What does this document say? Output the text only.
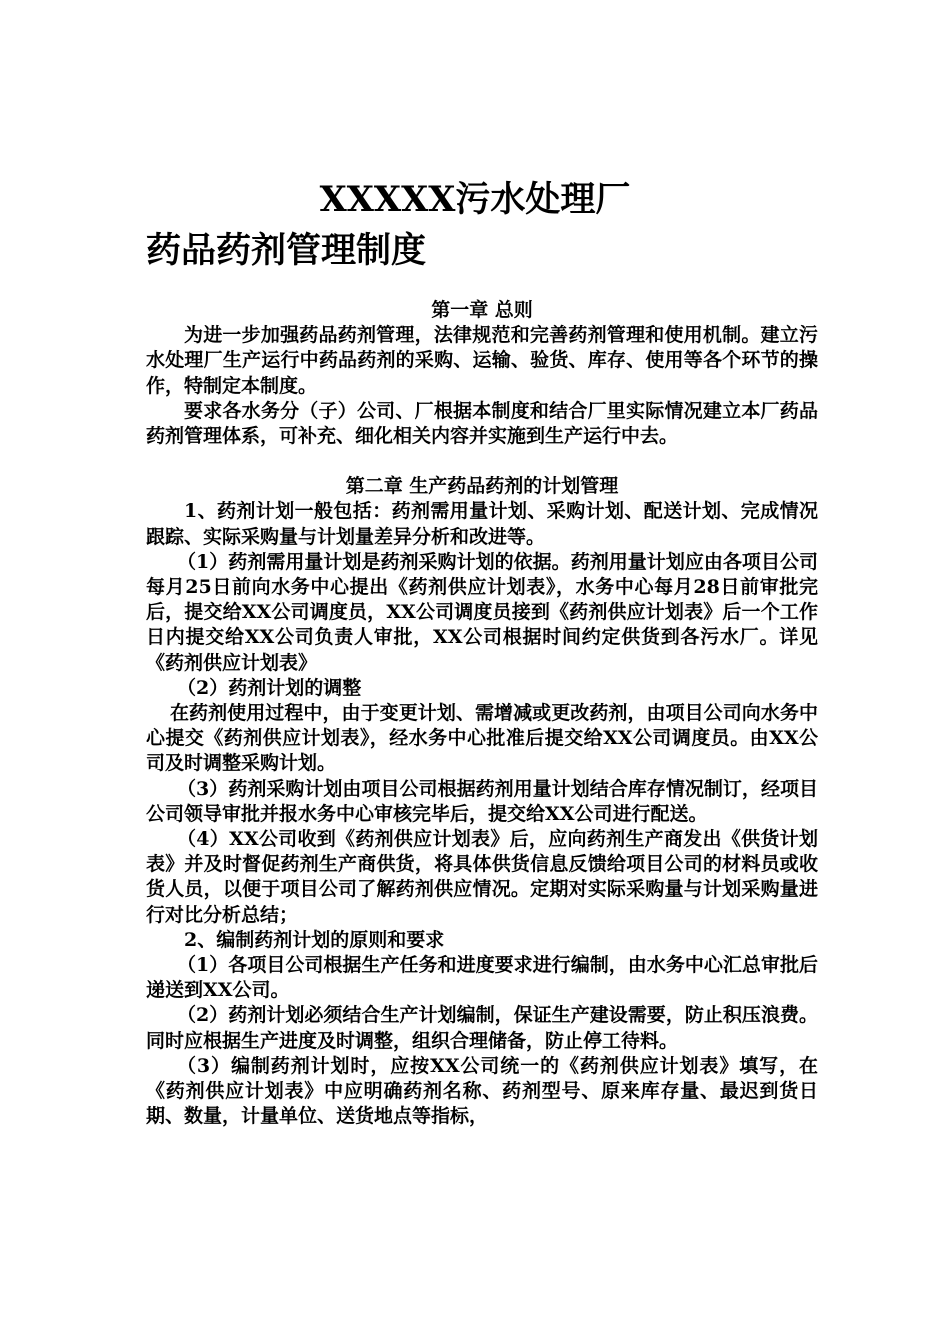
XXXXX污水处理厂
药品药剂管理制度

第一章 总则

为进一步加强药品药剂管理，法律规范和完善药剂管理和使用机制。建立污水处理厂生产运行中药品药剂的采购、运输、验货、库存、使用等各个环节的操作，特制定本制度。

要求各水务分（子）公司、厂根据本制度和结合厂里实际情况建立本厂药品药剂管理体系，可补充、细化相关内容并实施到生产运行中去。

第二章 生产药品药剂的计划管理

1、药剂计划一般包括：药剂需用量计划、采购计划、配送计划、完成情况跟踪、实际采购量与计划量差异分析和改进等。

（1）药剂需用量计划是药剂采购计划的依据。药剂用量计划应由各项目公司每月25日前向水务中心提出《药剂供应计划表》，水务中心每月28日前审批完后，提交给XX公司调度员，XX公司调度员接到《药剂供应计划表》后一个工作日内提交给XX公司负责人审批，XX公司根据时间约定供货到各污水厂。详见《药剂供应计划表》

（2）药剂计划的调整

在药剂使用过程中，由于变更计划、需增减或更改药剂，由项目公司向水务中心提交《药剂供应计划表》，经水务中心批准后提交给XX公司调度员。由XX公司及时调整采购计划。

（3）药剂采购计划由项目公司根据药剂用量计划结合库存情况制订，经项目公司领导审批并报水务中心审核完毕后，提交给XX公司进行配送。

（4）XX公司收到《药剂供应计划表》后，应向药剂生产商发出《供货计划表》并及时督促药剂生产商供货，将具体供货信息反馈给项目公司的材料员或收货人员，以便于项目公司了解药剂供应情况。定期对实际采购量与计划采购量进行对比分析总结；

2、编制药剂计划的原则和要求

（1）各项目公司根据生产任务和进度要求进行编制，由水务中心汇总审批后递送到XX公司。

（2）药剂计划必须结合生产计划编制，保证生产建设需要，防止积压浪费。同时应根据生产进度及时调整，组织合理储备，防止停工待料。

（3）编制药剂计划时，应按XX公司统一的《药剂供应计划表》填写，在《药剂供应计划表》中应明确药剂名称、药剂型号、原来库存量、最迟到货日期、数量，计量单位、送货地点等指标，
